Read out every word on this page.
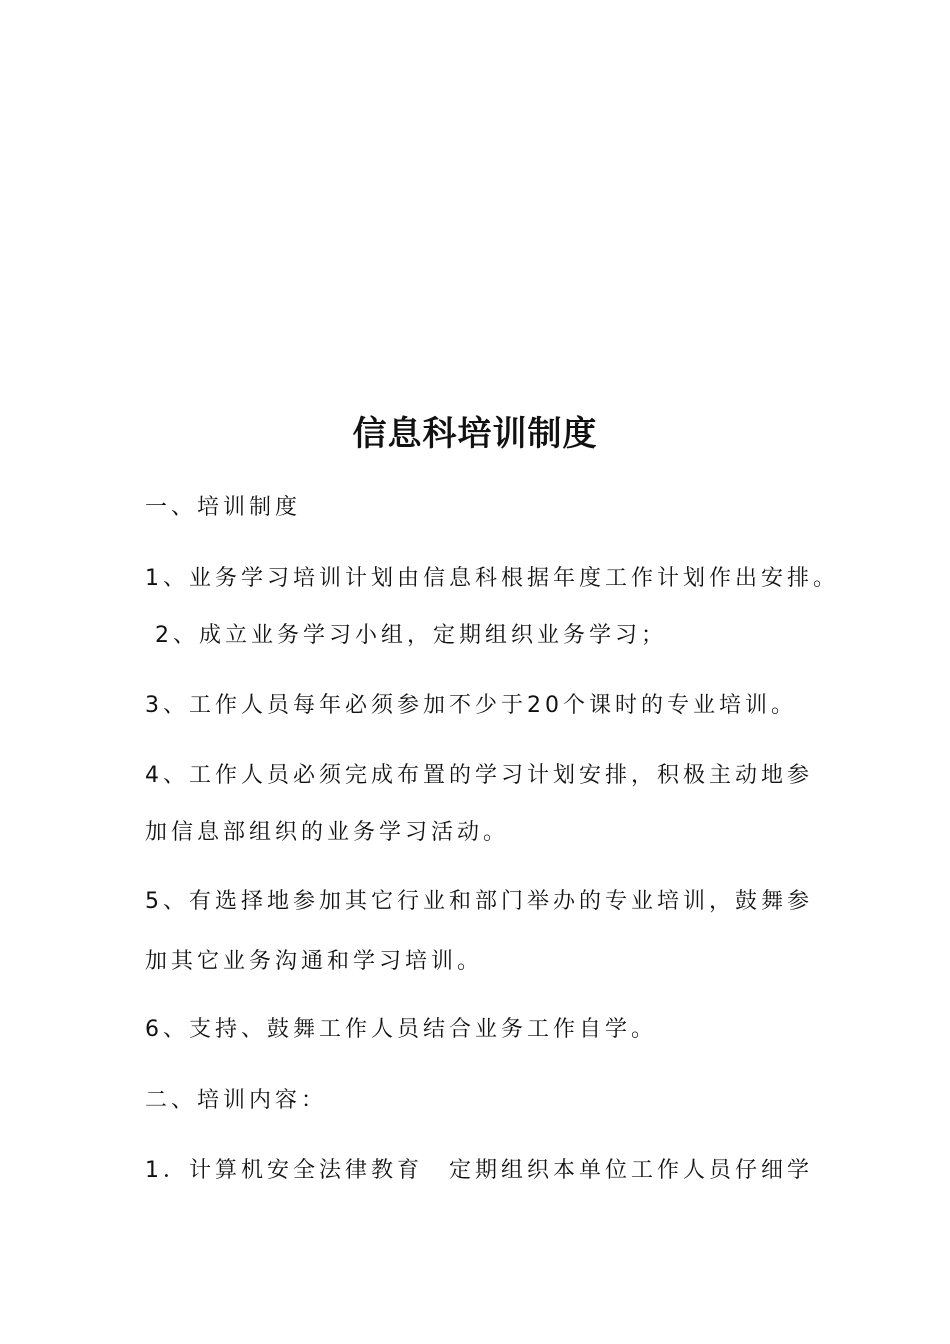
信息科培训制度

一、培训制度

1、业务学习培训计划由信息科根据年度工作计划作出安排。

2、成立业务学习小组，定期组织业务学习；

3、工作人员每年必须参加不少于20个课时的专业培训。

4、工作人员必须完成布置的学习计划安排，积极主动地参

加信息部组织的业务学习活动。

5、有选择地参加其它行业和部门举办的专业培训，鼓舞参

加其它业务沟通和学习培训。

6、支持、鼓舞工作人员结合业务工作自学。

二、培训内容：

1．计算机安全法律教育　定期组织本单位工作人员仔细学
